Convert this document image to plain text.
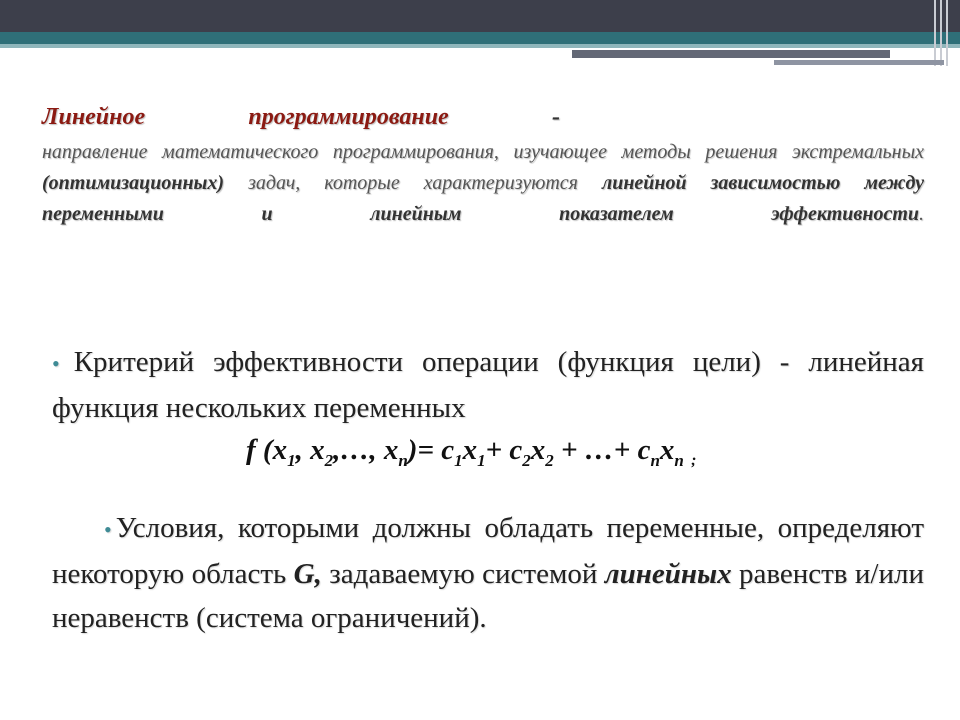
Линейное	программирование	-
направление математического программирования, изучающее методы решения экстремальных (оптимизационных) задач, которые характеризуются линейной зависимостью между переменными и линейным показателем эффективности.
• Критерий эффективности операции (функция цели) - линейная функция нескольких переменных
f ($x_1$, $x_2,\dots$, $x_n)= c_1x_1+ c_2x_2$ + …+ $c_nx_n$ $_;$
• Условия, которыми должны обладать переменные, определяют некоторую область G, задаваемую системой линейных равенств и/или неравенств (система ограничений).
